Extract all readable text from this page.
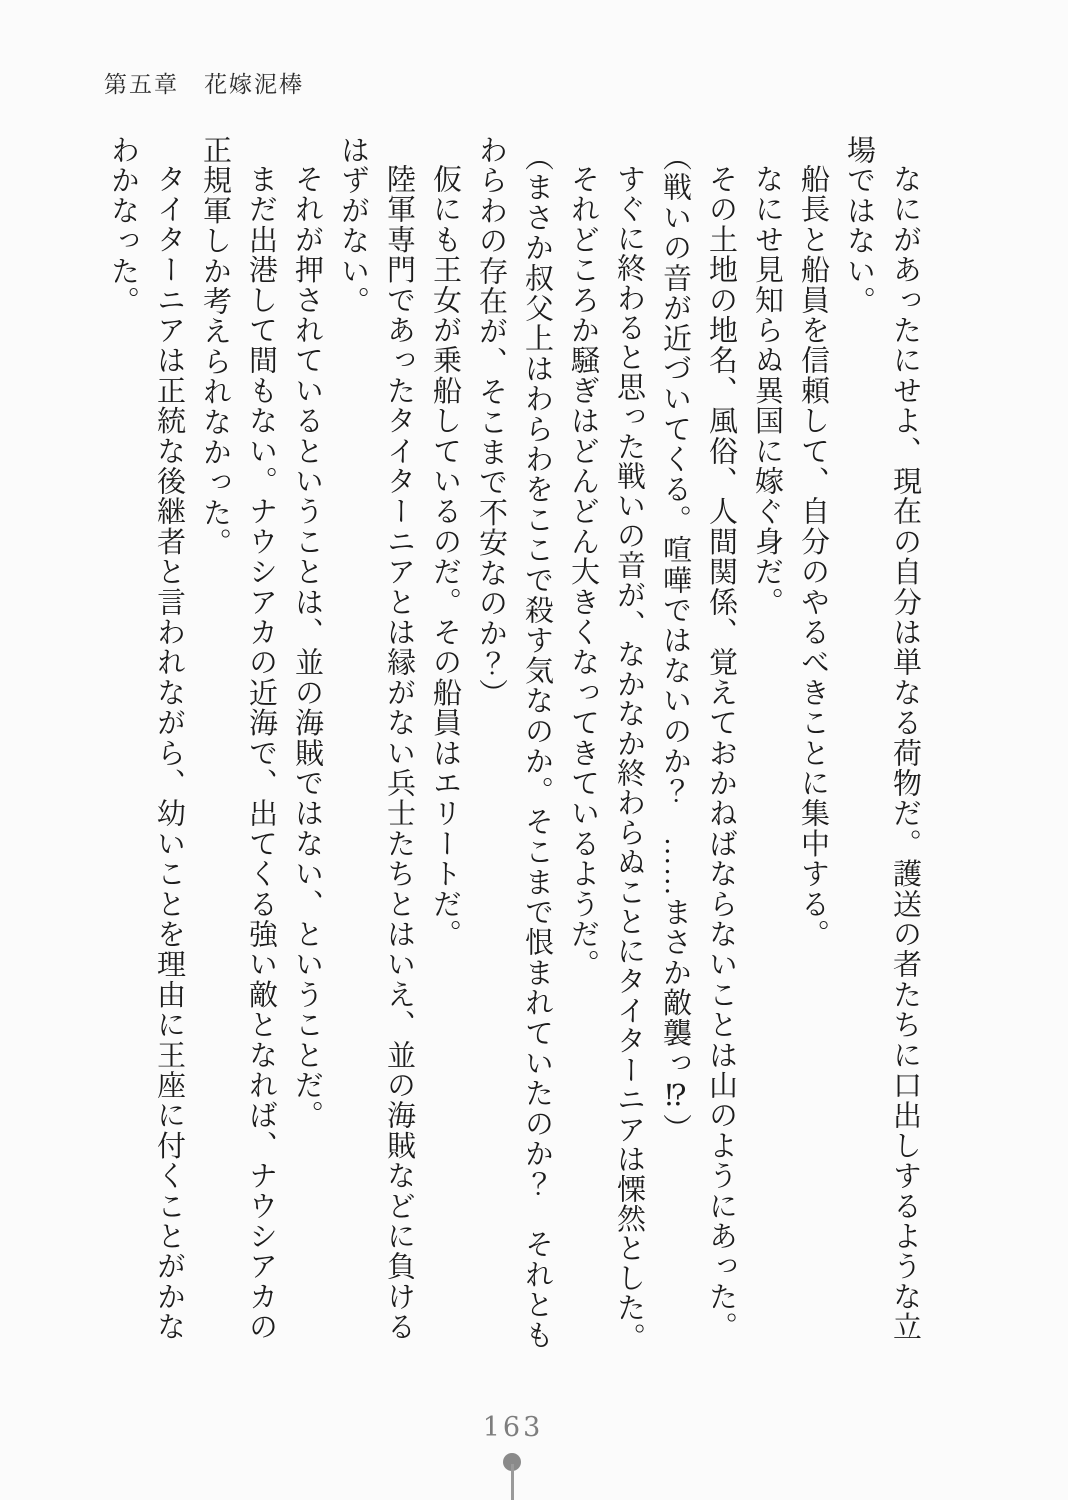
第五章　花嫁泥棒

なにがあったにせよ、現在の自分は単なる荷物だ。護送の者たちに口出しするような立場ではない。

船長と船員を信頼して、自分のやるべきことに集中する。

なにせ見知らぬ異国に嫁ぐ身だ。

その土地の地名、風俗、人間関係、覚えておかねばならないことは山のようにあった。

（戦いの音が近づいてくる。喧嘩ではないのか？　……まさか敵襲っ⁉）

すぐに終わると思った戦いの音が、なかなか終わらぬことにタイターニアは慄然とした。

それどころか騒ぎはどんどん大きくなってきているようだ。

（まさか叔父上はわらわをここで殺す気なのか。そこまで恨まれていたのか？　それともわらわの存在が、そこまで不安なのか？）

仮にも王女が乗船しているのだ。その船員はエリートだ。

陸軍専門であったタイターニアとは縁がない兵士たちとはいえ、並の海賊などに負けるはずがない。

それが押されているということは、並の海賊ではない、ということだ。

まだ出港して間もない。ナウシアカの近海で、出てくる強い敵となれば、ナウシアカの正規軍しか考えられなかった。

タイターニアは正統な後継者と言われながら、幼いことを理由に王座に付くことがかなわかなった。

163
